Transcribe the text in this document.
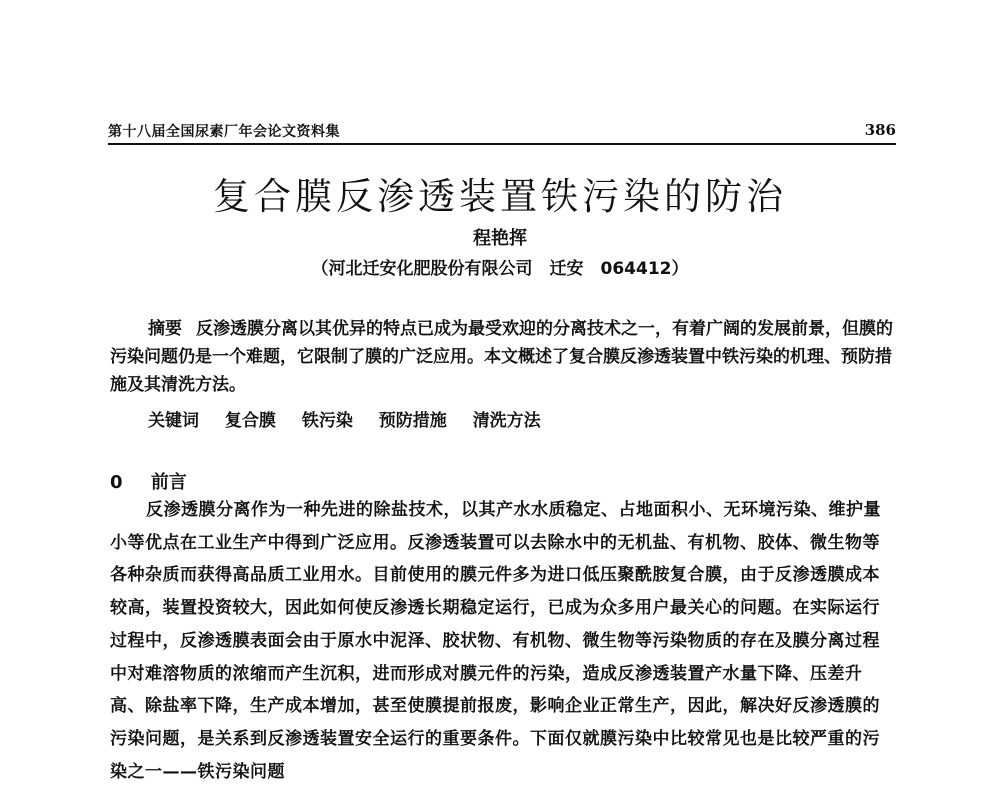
第十八届全国尿素厂年会论文资料集	386
复合膜反渗透装置铁污染的防治
程艳挥
（河北迁安化肥股份有限公司　迁安　064412）
摘要 反渗透膜分离以其优异的特点已成为最受欢迎的分离技术之一，有着广阔的发展前景，但膜的污染问题仍是一个难题，它限制了膜的广泛应用。本文概述了复合膜反渗透装置中铁污染的机理、预防措施及其清洗方法。
关键词 复合膜 铁污染 预防措施 清洗方法
0 前言
反渗透膜分离作为一种先进的除盐技术，以其产水水质稳定、占地面积小、无环境污染、维护量小等优点在工业生产中得到广泛应用。反渗透装置可以去除水中的无机盐、有机物、胶体、微生物等各种杂质而获得高品质工业用水。目前使用的膜元件多为进口低压聚酰胺复合膜，由于反渗透膜成本较高，装置投资较大，因此如何使反渗透长期稳定运行，已成为众多用户最关心的问题。在实际运行过程中，反渗透膜表面会由于原水中泥泽、胶状物、有机物、微生物等污染物质的存在及膜分离过程中对难溶物质的浓缩而产生沉积，进而形成对膜元件的污染，造成反渗透装置产水量下降、压差升高、除盐率下降，生产成本增加，甚至使膜提前报废，影响企业正常生产，因此，解决好反渗透膜的污染问题，是关系到反渗透装置安全运行的重要条件。下面仅就膜污染中比较常见也是比较严重的污染之一——铁污染问题
